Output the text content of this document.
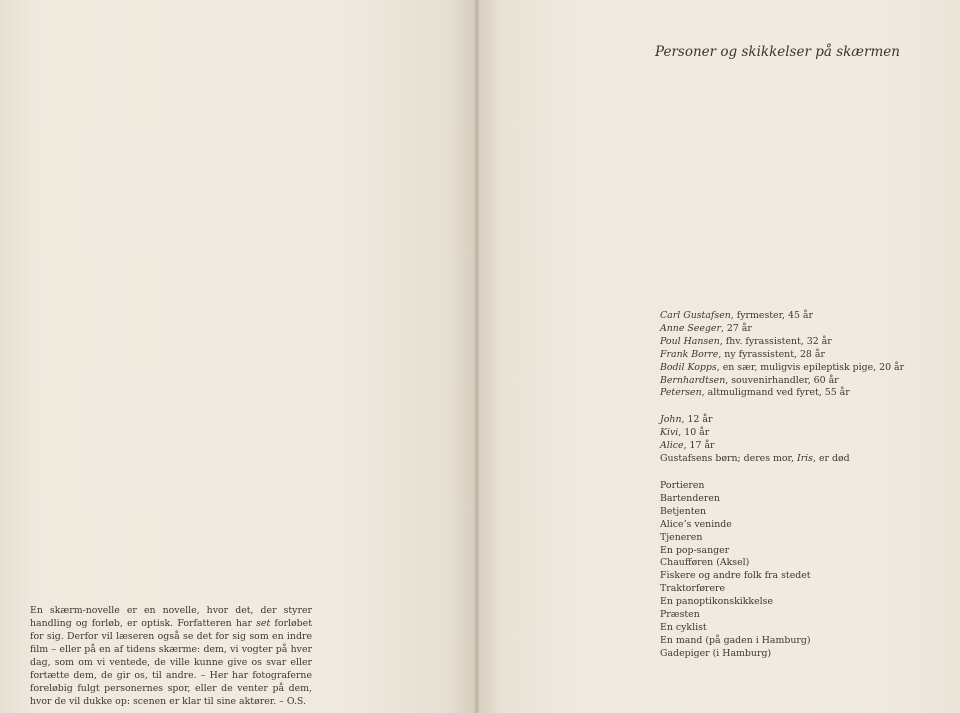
En skærm-novelle er en novelle, hvor det, der styrer handling og forløb, er optisk. Forfatteren har set forløbet for sig. Derfor vil læseren også se det for sig som en indre film – eller på en af tidens skærme: dem, vi vogter på hver dag, som om vi ventede, de ville kunne give os svar eller fortætte dem, de gir os, til andre. – Her har fotograferne foreløbig fulgt personernes spor, eller de venter på dem, hvor de vil dukke op: scenen er klar til sine aktører. – O.S.

Personer og skikkelser på skærmen
Carl Gustafsen, fyrmester, 45 år
Anne Seeger, 27 år
Poul Hansen, fhv. fyrassistent, 32 år
Frank Borre, ny fyrassistent, 28 år
Bodil Kopps, en sær, muligvis epileptisk pige, 20 år
Bernhardtsen, souvenirhandler, 60 år
Petersen, altmuligmand ved fyret, 55 år
John, 12 år
Kivi, 10 år
Alice, 17 år
Gustafsens børn; deres mor, Iris, er død
Portieren
Bartenderen
Betjenten
Alice’s veninde
Tjeneren
En pop-sanger
Chaufføren (Aksel)
Fiskere og andre folk fra stedet
Traktorførere
En panoptikonskikkelse
Præsten
En cyklist
En mand (på gaden i Hamburg)
Gadepiger (i Hamburg)
